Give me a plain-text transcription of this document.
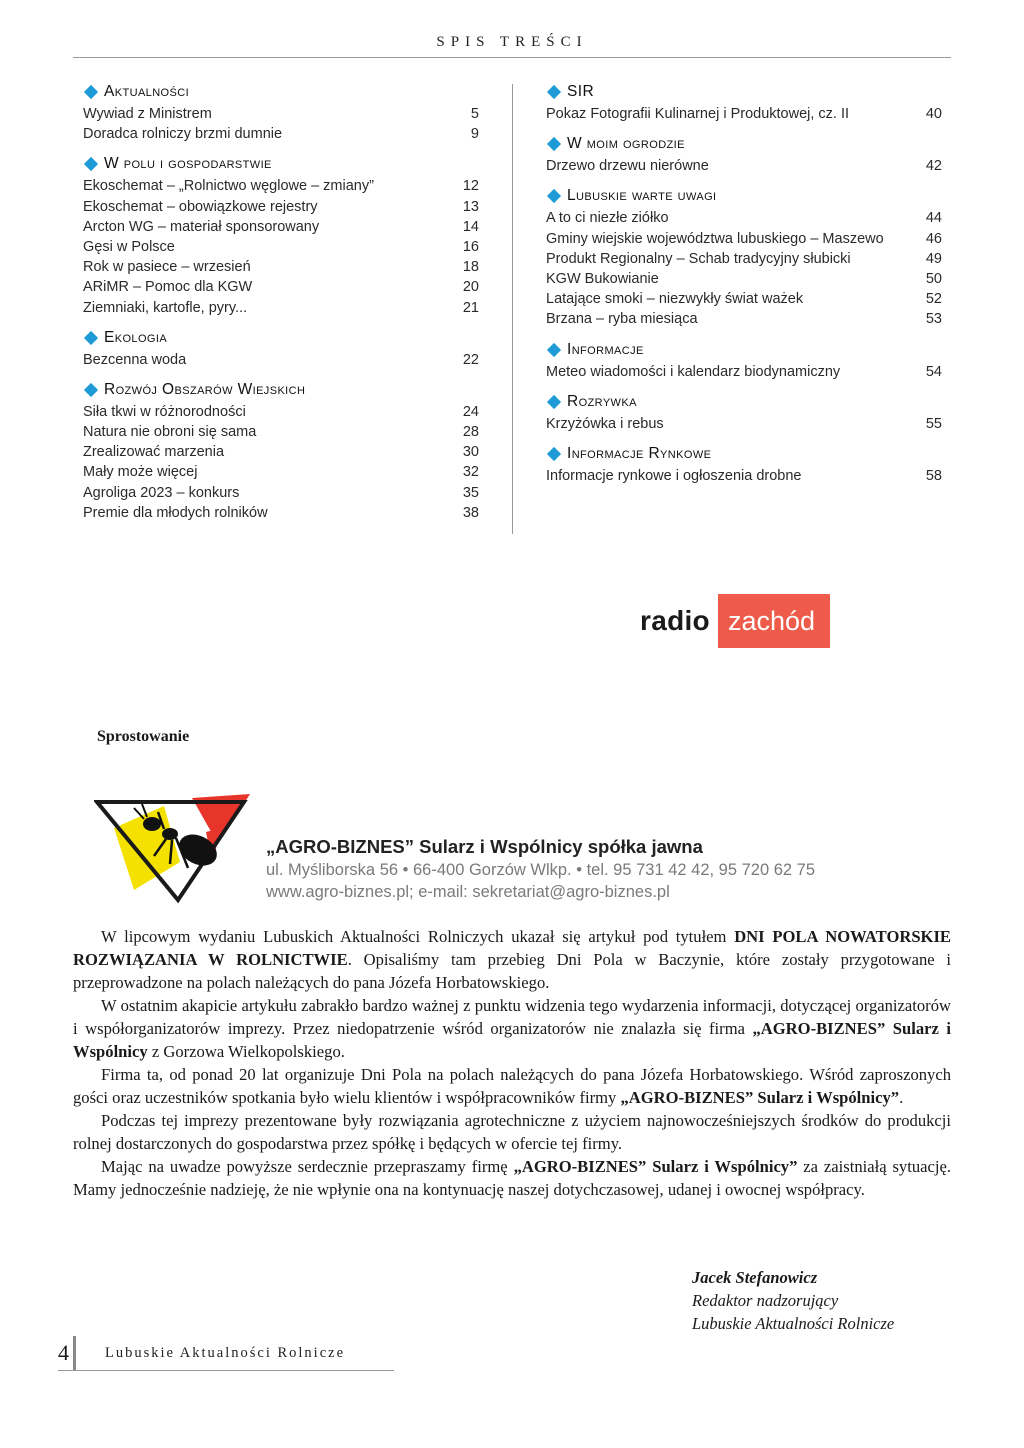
SPIS TREŚCI
Aktualności
Wywiad z Ministrem	5
Doradca rolniczy brzmi dumnie	9
W polu i gospodarstwie
Ekoschemat – „Rolnictwo węglowe – zmiany”	12
Ekoschemat – obowiązkowe rejestry	13
Arcton WG – materiał sponsorowany	14
Gęsi w Polsce	16
Rok w pasiece – wrzesień	18
ARiMR – Pomoc dla KGW	20
Ziemniaki, kartofle, pyry...	21
Ekologia
Bezcenna woda	22
Rozwój Obszarów Wiejskich
Siła tkwi w różnorodności	24
Natura nie obroni się sama	28
Zrealizować marzenia	30
Mały może więcej	32
Agroliga 2023 – konkurs	35
Premie dla młodych rolników	38
SIR
Pokaz Fotografii Kulinarnej i Produktowej, cz. II	40
W moim ogrodzie
Drzewo drzewu nierówne	42
Lubuskie warte uwagi
A to ci niezłe ziółko	44
Gminy wiejskie województwa lubuskiego – Maszewo	46
Produkt Regionalny – Schab tradycyjny słubicki	49
KGW Bukowianie	50
Latające smoki – niezwykły świat ważek	52
Brzana – ryba miesiąca	53
Informacje
Meteo wiadomości i kalendarz biodynamiczny	54
Rozrywka
Krzyżówka i rebus	55
Informacje Rynkowe
Informacje rynkowe i ogłoszenia drobne	58
radio zachód
Sprostowanie
„AGRO-BIZNES” Sularz i Wspólnicy spółka jawna
ul. Myśliborska 56 • 66-400 Gorzów Wlkp. • tel. 95 731 42 42, 95 720 62 75
www.agro-biznes.pl; e-mail: sekretariat@agro-biznes.pl

W lipcowym wydaniu Lubuskich Aktualności Rolniczych ukazał się artykuł pod tytułem DNI POLA NOWATORSKIE ROZWIĄZANIA W ROLNICTWIE. Opisaliśmy tam przebieg Dni Pola w Baczynie, które zostały przygotowane i przeprowadzone na polach należących do pana Józefa Horbatowskiego.

W ostatnim akapicie artykułu zabrakło bardzo ważnej z punktu widzenia tego wydarzenia informacji, dotyczącej organizatorów i współorganizatorów imprezy. Przez niedopatrzenie wśród organizatorów nie znalazła się firma „AGRO-BIZNES” Sularz i Wspólnicy z Gorzowa Wielkopolskiego.

Firma ta, od ponad 20 lat organizuje Dni Pola na polach należących do pana Józefa Horbatowskiego. Wśród zaproszonych gości oraz uczestników spotkania było wielu klientów i współpracowników firmy „AGRO-BIZNES” Sularz i Wspólnicy”.

Podczas tej imprezy prezentowane były rozwiązania agrotechniczne z użyciem najnowocześniejszych środków do produkcji rolnej dostarczonych do gospodarstwa przez spółkę i będących w ofercie tej firmy.

Mając na uwadze powyższe serdecznie przepraszamy firmę „AGRO-BIZNES” Sularz i Wspólnicy” za zaistniałą sytuację. Mamy jednocześnie nadzieję, że nie wpłynie ona na kontynuację naszej dotychczasowej, udanej i owocnej współpracy.

Jacek Stefanowicz
Redaktor nadzorujący
Lubuskie Aktualności Rolnicze
4 Lubuskie Aktualności Rolnicze
